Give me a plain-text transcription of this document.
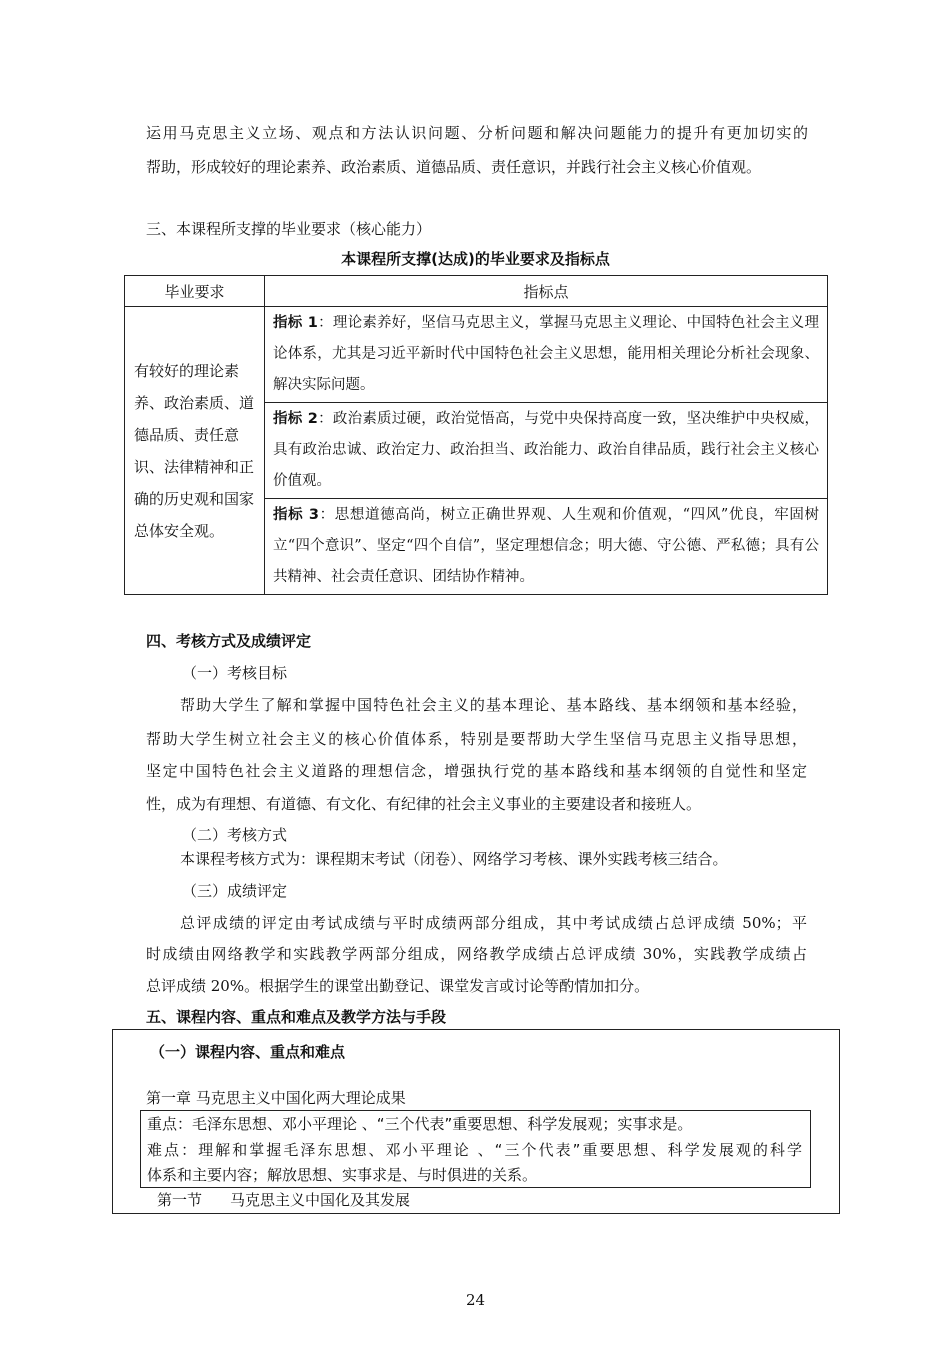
运用马克思主义立场、观点和方法认识问题、分析问题和解决问题能力的提升有更加切实的
帮助，形成较好的理论素养、政治素质、道德品质、责任意识，并践行社会主义核心价值观。
三、本课程所支撑的毕业要求（核心能力）
本课程所支撑(达成)的毕业要求及指标点
毕业要求	指标点
有较好的理论素养、政治素质、道德品质、责任意识、法律精神和正确的历史观和国家总体安全观。	指标 1：理论素养好，坚信马克思主义，掌握马克思主义理论、中国特色社会主义理论体系，尤其是习近平新时代中国特色社会主义思想，能用相关理论分析社会现象、解决实际问题。
	指标 2：政治素质过硬，政治觉悟高，与党中央保持高度一致，坚决维护中央权威，具有政治忠诚、政治定力、政治担当、政治能力、政治自律品质，践行社会主义核心价值观。
	指标 3：思想道德高尚，树立正确世界观、人生观和价值观，“四风”优良，牢固树立“四个意识”、坚定“四个自信”，坚定理想信念；明大德、守公德、严私德；具有公共精神、社会责任意识、团结协作精神。
四、考核方式及成绩评定
（一）考核目标
帮助大学生了解和掌握中国特色社会主义的基本理论、基本路线、基本纲领和基本经验，
帮助大学生树立社会主义的核心价值体系，特别是要帮助大学生坚信马克思主义指导思想，
坚定中国特色社会主义道路的理想信念，增强执行党的基本路线和基本纲领的自觉性和坚定
性，成为有理想、有道德、有文化、有纪律的社会主义事业的主要建设者和接班人。
（二）考核方式
本课程考核方式为：课程期末考试（闭卷）、网络学习考核、课外实践考核三结合。
（三）成绩评定
总评成绩的评定由考试成绩与平时成绩两部分组成，其中考试成绩占总评成绩 50%；平
时成绩由网络教学和实践教学两部分组成，网络教学成绩占总评成绩 30%，实践教学成绩占
总评成绩 20%。根据学生的课堂出勤登记、课堂发言或讨论等酌情加扣分。
五、课程内容、重点和难点及教学方法与手段
（一）课程内容、重点和难点
第一章 马克思主义中国化两大理论成果
重点：毛泽东思想、邓小平理论 、“三个代表”重要思想、科学发展观；实事求是。
难点：理解和掌握毛泽东思想、邓小平理论 、“三个代表”重要思想、科学发展观的科学
体系和主要内容；解放思想、实事求是、与时俱进的关系。
第一节 马克思主义中国化及其发展
24
